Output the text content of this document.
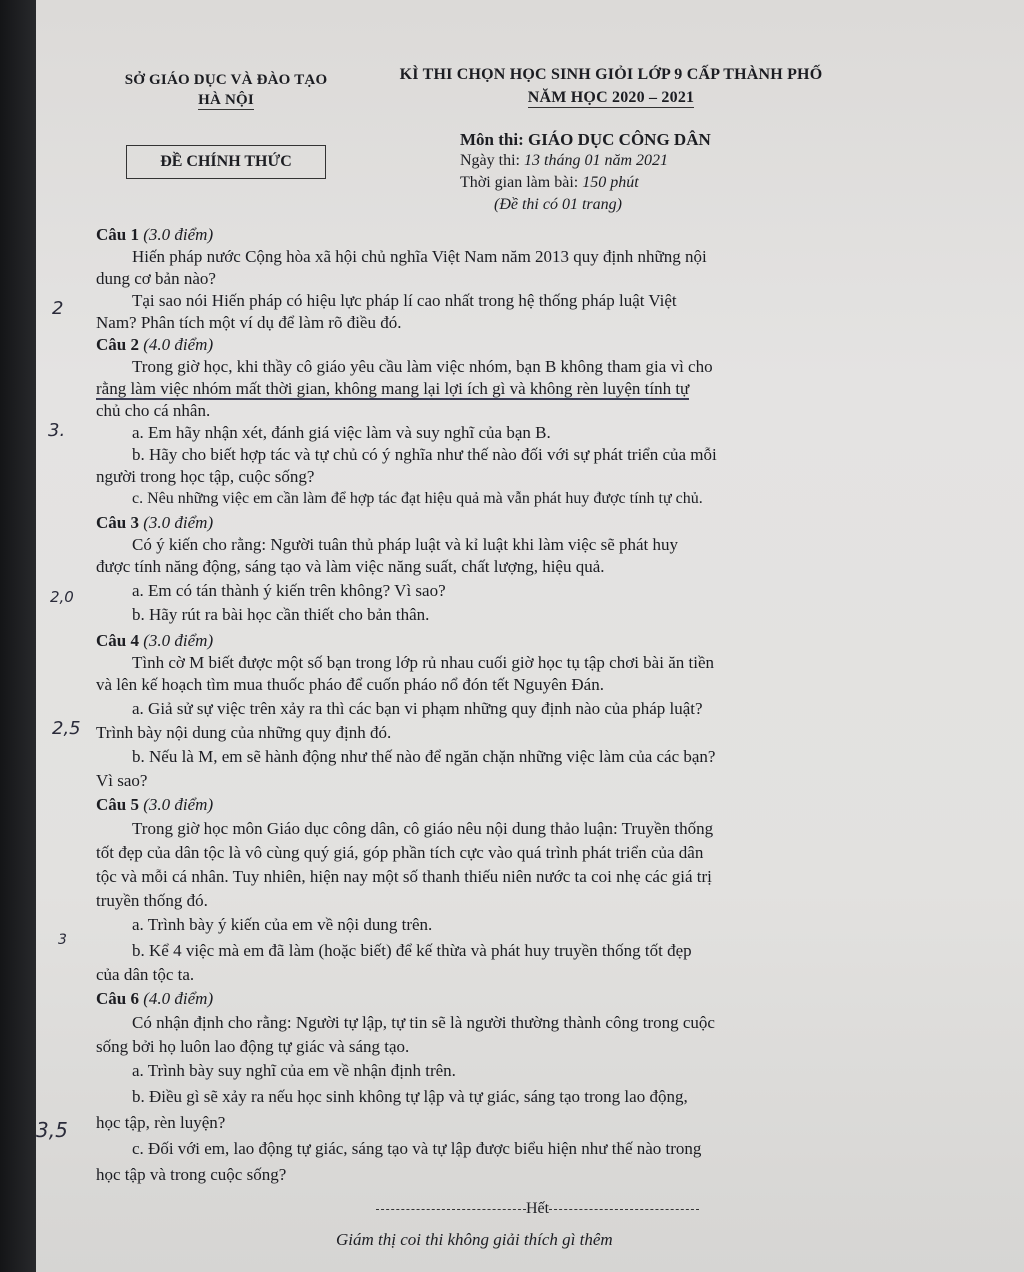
SỞ GIÁO DỤC VÀ ĐÀO TẠO
HÀ NỘI
KÌ THI CHỌN HỌC SINH GIỎI LỚP 9 CẤP THÀNH PHỐ
NĂM HỌC 2020 – 2021
ĐỀ CHÍNH THỨC
Môn thi: GIÁO DỤC CÔNG DÂN
Ngày thi: 13 tháng 01 năm 2021
Thời gian làm bài: 150 phút
(Đề thi có 01 trang)
Câu 1 (3.0 điểm)
Hiến pháp nước Cộng hòa xã hội chủ nghĩa Việt Nam năm 2013 quy định những nội
dung cơ bản nào?
Tại sao nói Hiến pháp có hiệu lực pháp lí cao nhất trong hệ thống pháp luật Việt
Nam? Phân tích một ví dụ để làm rõ điều đó.
Câu 2 (4.0 điểm)
Trong giờ học, khi thầy cô giáo yêu cầu làm việc nhóm, bạn B không tham gia vì cho
rằng làm việc nhóm mất thời gian, không mang lại lợi ích gì và không rèn luyện tính tự
chủ cho cá nhân.
a. Em hãy nhận xét, đánh giá việc làm và suy nghĩ của bạn B.
b. Hãy cho biết hợp tác và tự chủ có ý nghĩa như thế nào đối với sự phát triển của mỗi
người trong học tập, cuộc sống?
c. Nêu những việc em cần làm để hợp tác đạt hiệu quả mà vẫn phát huy được tính tự chủ.
Câu 3 (3.0 điểm)
Có ý kiến cho rằng: Người tuân thủ pháp luật và kỉ luật khi làm việc sẽ phát huy
được tính năng động, sáng tạo và làm việc năng suất, chất lượng, hiệu quả.
a. Em có tán thành ý kiến trên không? Vì sao?
b. Hãy rút ra bài học cần thiết cho bản thân.
Câu 4 (3.0 điểm)
Tình cờ M biết được một số bạn trong lớp rủ nhau cuối giờ học tụ tập chơi bài ăn tiền
và lên kế hoạch tìm mua thuốc pháo để cuốn pháo nổ đón tết Nguyên Đán.
a. Giả sử sự việc trên xảy ra thì các bạn vi phạm những quy định nào của pháp luật?
Trình bày nội dung của những quy định đó.
b. Nếu là M, em sẽ hành động như thế nào để ngăn chặn những việc làm của các bạn?
Vì sao?
Câu 5 (3.0 điểm)
Trong giờ học môn Giáo dục công dân, cô giáo nêu nội dung thảo luận: Truyền thống
tốt đẹp của dân tộc là vô cùng quý giá, góp phần tích cực vào quá trình phát triển của dân
tộc và mỗi cá nhân. Tuy nhiên, hiện nay một số thanh thiếu niên nước ta coi nhẹ các giá trị
truyền thống đó.
a. Trình bày ý kiến của em về nội dung trên.
b. Kể 4 việc mà em đã làm (hoặc biết) để kế thừa và phát huy truyền thống tốt đẹp
của dân tộc ta.
Câu 6 (4.0 điểm)
Có nhận định cho rằng: Người tự lập, tự tin sẽ là người thường thành công trong cuộc
sống bởi họ luôn lao động tự giác và sáng tạo.
a. Trình bày suy nghĩ của em về nhận định trên.
b. Điều gì sẽ xảy ra nếu học sinh không tự lập và tự giác, sáng tạo trong lao động,
học tập, rèn luyện?
c. Đối với em, lao động tự giác, sáng tạo và tự lập được biểu hiện như thế nào trong
học tập và trong cuộc sống?
Hết
Giám thị coi thi không giải thích gì thêm
2
3.
2,0
2,5
3
3,5
